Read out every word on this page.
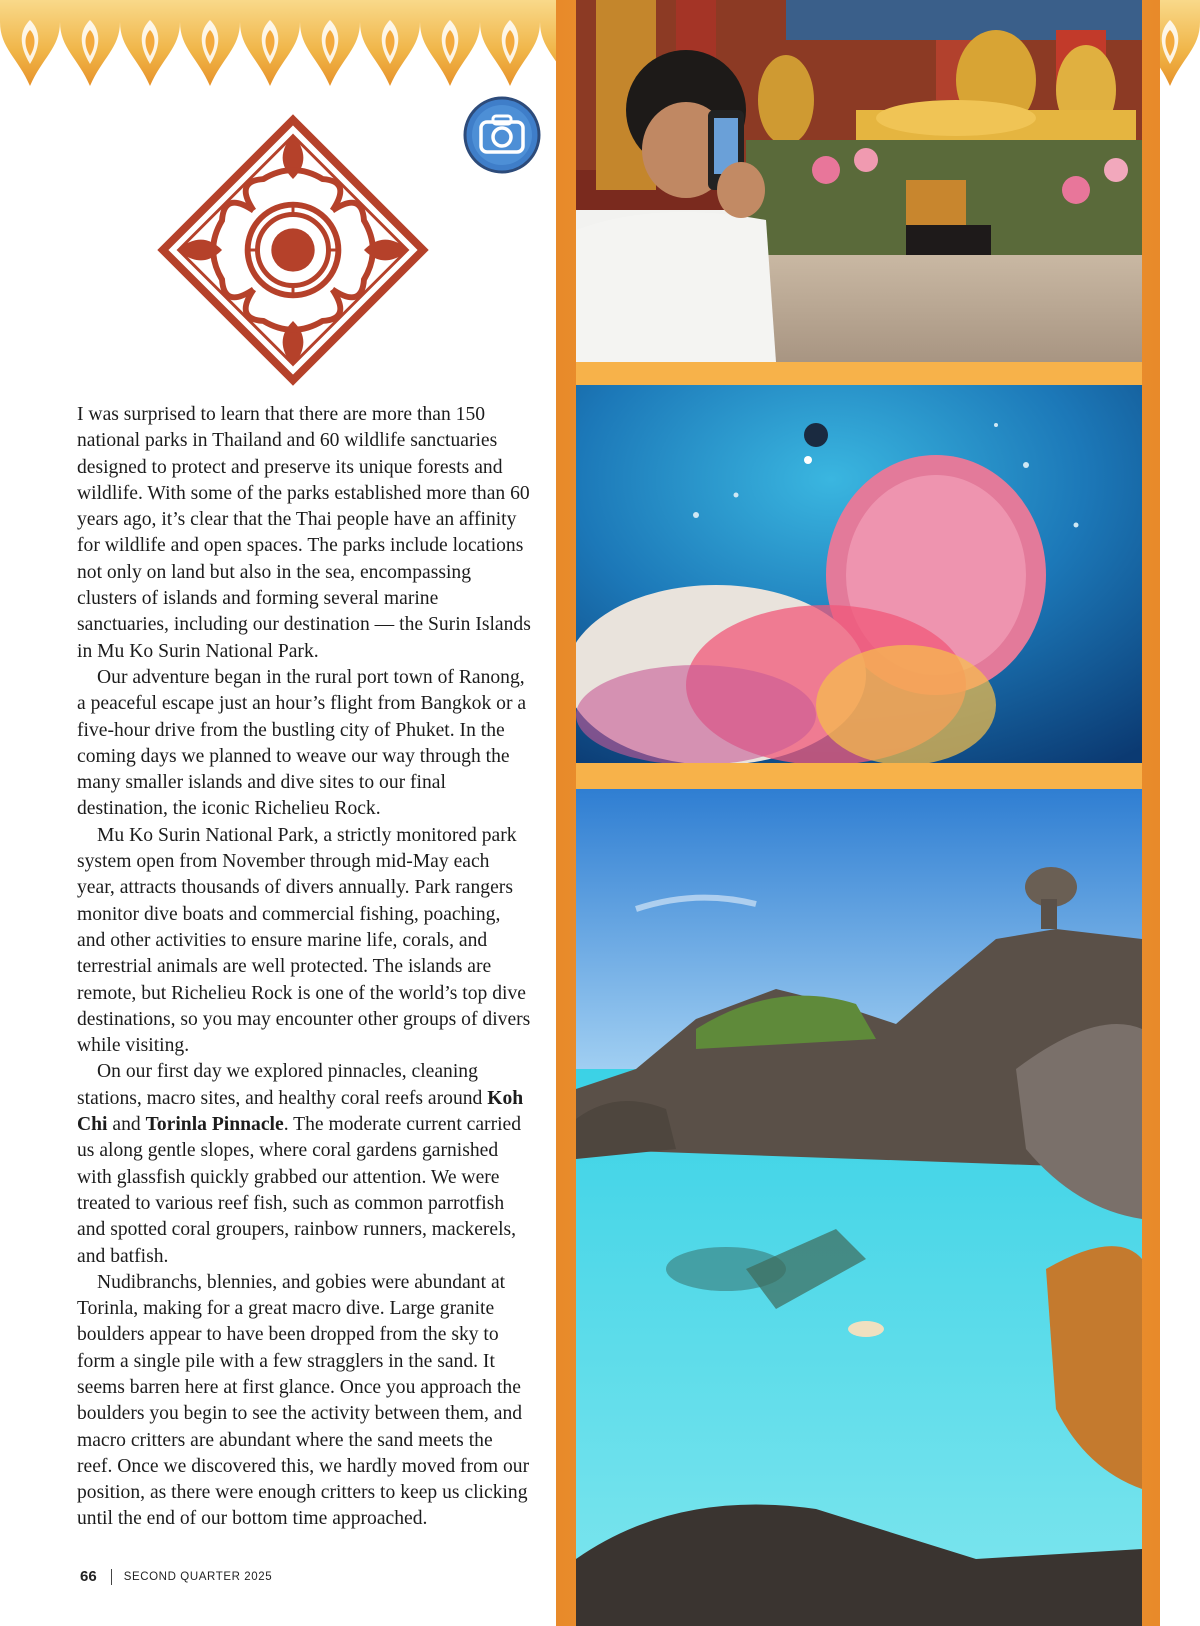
I was surprised to learn that there are more than 150 national parks in Thailand and 60 wildlife sanctuaries designed to protect and preserve its unique forests and wildlife. With some of the parks established more than 60 years ago, it’s clear that the Thai people have an affinity for wildlife and open spaces. The parks include locations not only on land but also in the sea, encompassing clusters of islands and forming several marine sanctuaries, including our destination — the Surin Islands in Mu Ko Surin National Park.

Our adventure began in the rural port town of Ranong, a peaceful escape just an hour’s flight from Bangkok or a five-hour drive from the bustling city of Phuket. In the coming days we planned to weave our way through the many smaller islands and dive sites to our final destination, the iconic Richelieu Rock.

Mu Ko Surin National Park, a strictly monitored park system open from November through mid-May each year, attracts thousands of divers annually. Park rangers monitor dive boats and commercial fishing, poaching, and other activities to ensure marine life, corals, and terrestrial animals are well protected. The islands are remote, but Richelieu Rock is one of the world’s top dive destinations, so you may encounter other groups of divers while visiting.

On our first day we explored pinnacles, cleaning stations, macro sites, and healthy coral reefs around Koh Chi and Torinla Pinnacle. The moderate current carried us along gentle slopes, where coral gardens garnished with glassfish quickly grabbed our attention. We were treated to various reef fish, such as common parrotfish and spotted coral groupers, rainbow runners, mackerels, and batfish.

Nudibranchs, blennies, and gobies were abundant at Torinla, making for a great macro dive. Large granite boulders appear to have been dropped from the sky to form a single pile with a few stragglers in the sand. It seems barren here at first glance. Once you approach the boulders you begin to see the activity between them, and macro critters are abundant where the sand meets the reef. Once we discovered this, we hardly moved from our position, as there were enough critters to keep us clicking until the end of our bottom time approached.

66 SECOND QUARTER 2025
